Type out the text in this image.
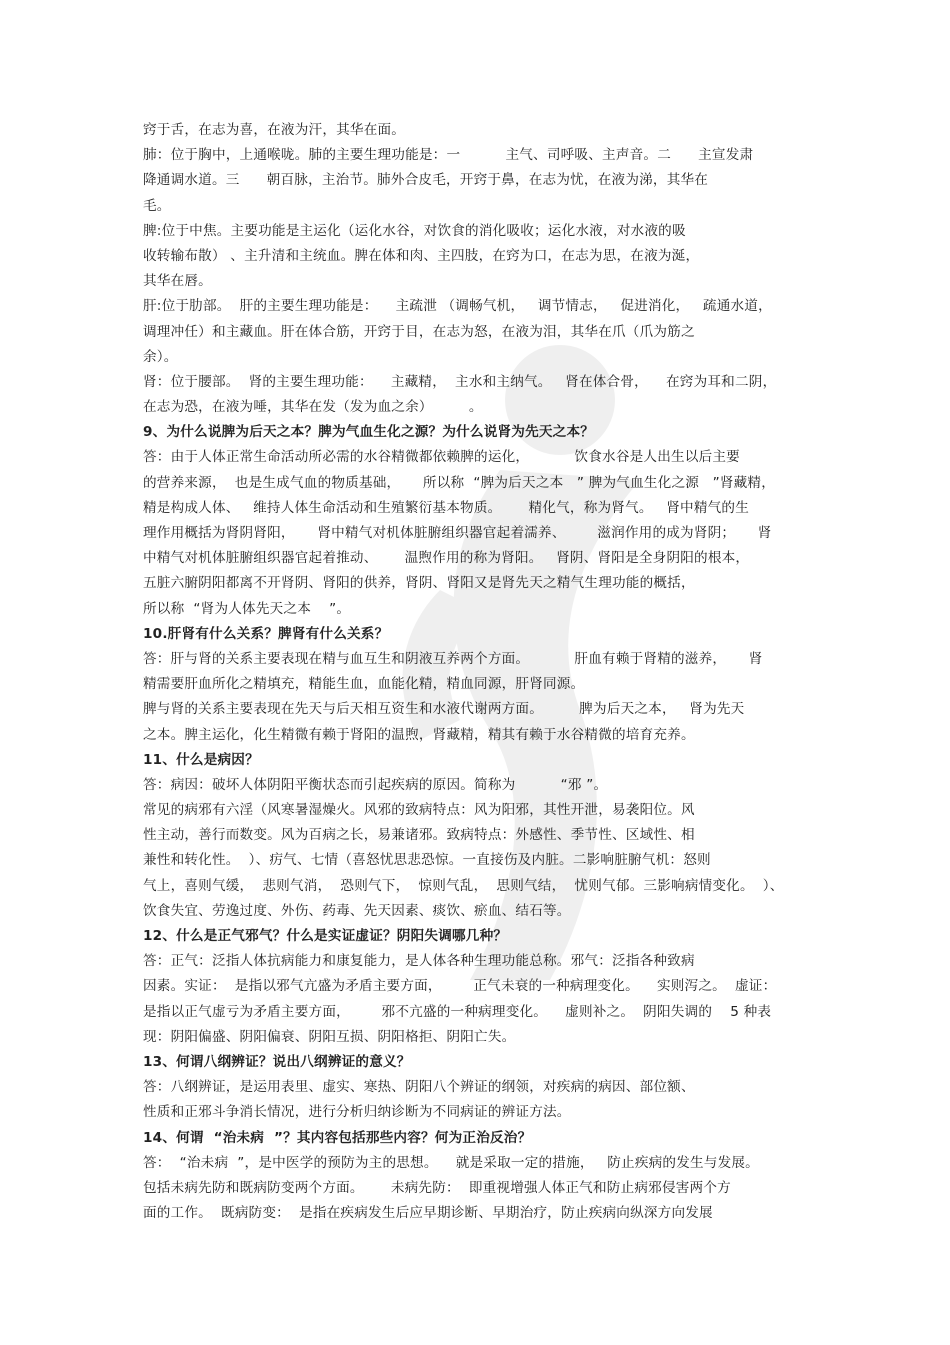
窍于舌，在志为喜，在液为汗，其华在面。
肺：位于胸中，上通喉咙。肺的主要生理功能是：一          主气、司呼吸、主声音。二      主宣发肃
降通调水道。三      朝百脉，主治节。肺外合皮毛，开窍于鼻，在志为忧，在液为涕，其华在
毛。
脾:位于中焦。主要功能是主运化（运化水谷，对饮食的消化吸收；运化水液，对水液的吸
收转输布散） 、主升清和主统血。脾在体和肉、主四肢，在窍为口，在志为思，在液为涎，
其华在唇。
肝:位于肋部。  肝的主要生理功能是：    主疏泄 （调畅气机，   调节情志，   促进消化，   疏通水道，
调理冲任）和主藏血。肝在体合筋，开窍于目，在志为怒，在液为泪，其华在爪（爪为筋之
余）。
肾：位于腰部。  肾的主要生理功能：    主藏精，  主水和主纳气。   肾在体合骨，    在窍为耳和二阴，
在志为恐，在液为唾，其华在发（发为血之余）        。
9、为什么说脾为后天之本？脾为气血生化之源？为什么说肾为先天之本？
答：由于人体正常生命活动所必需的水谷精微都依赖脾的运化，          饮食水谷是人出生以后主要
的营养来源，  也是生成气血的物质基础，     所以称  “脾为后天之本   ” 脾为气血生化之源   ”肾藏精，
精是构成人体、   维持人体生命活动和生殖繁衍基本物质。      精化气，称为肾气。   肾中精气的生
理作用概括为肾阴肾阳，     肾中精气对机体脏腑组织器官起着濡养、       滋润作用的成为肾阴；     肾
中精气对机体脏腑组织器官起着推动、      温煦作用的称为肾阳。   肾阴、肾阳是全身阴阳的根本，
五脏六腑阴阳都离不开肾阴、肾阳的供养，肾阴、肾阳又是肾先天之精气生理功能的概括，
所以称  “肾为人体先天之本    ”。
10.肝肾有什么关系？脾肾有什么关系？
答：肝与肾的关系主要表现在精与血互生和阴液互养两个方面。          肝血有赖于肾精的滋养，     肾
精需要肝血所化之精填充，精能生血，血能化精，精血同源，肝肾同源。
脾与肾的关系主要表现在先天与后天相互资生和水液代谢两方面。        脾为后天之本，   肾为先天
之本。脾主运化，化生精微有赖于肾阳的温煦，肾藏精，精其有赖于水谷精微的培育充养。
11、什么是病因？
答：病因：破坏人体阴阳平衡状态而引起疾病的原因。简称为          “邪 ”。
常见的病邪有六淫（风寒暑湿燥火。风邪的致病特点：风为阳邪，其性开泄，易袭阳位。风
性主动，善行而数变。风为百病之长，易兼诸邪。致病特点：外感性、季节性、区域性、相
兼性和转化性。  ）、疠气、七情（喜怒忧思悲恐惊。一直接伤及内脏。二影响脏腑气机：怒则
气上，喜则气缓，  悲则气消，  恐则气下，  惊则气乱，  思则气结，  忧则气郁。三影响病情变化。  ）、
饮食失宜、劳逸过度、外伤、药毒、先天因素、痰饮、瘀血、结石等。
12、什么是正气邪气？什么是实证虚证？阴阳失调哪几种？
答：正气：泛指人体抗病能力和康复能力，是人体各种生理功能总称。邪气：泛指各种致病
因素。实证：  是指以邪气亢盛为矛盾主要方面，       正气未衰的一种病理变化。    实则泻之。  虚证：
是指以正气虚亏为矛盾主要方面，       邪不亢盛的一种病理变化。    虚则补之。  阴阳失调的    5 种表
现：阴阳偏盛、阴阳偏衰、阴阳互损、阴阳格拒、阴阳亡失。
13、何谓八纲辨证？说出八纲辨证的意义？
答：八纲辨证，是运用表里、虚实、寒热、阴阳八个辨证的纲领，对疾病的病因、部位额、
性质和正邪斗争消长情况，进行分析归纳诊断为不同病证的辨证方法。
14、何谓  “治未病  ”？其内容包括那些内容？何为正治反治？
答：  “治未病  ”，是中医学的预防为主的思想。    就是采取一定的措施，   防止疾病的发生与发展。
包括未病先防和既病防变两个方面。      未病先防：  即重视增强人体正气和防止病邪侵害两个方
面的工作。  既病防变：  是指在疾病发生后应早期诊断、早期治疗，防止疾病向纵深方向发展
